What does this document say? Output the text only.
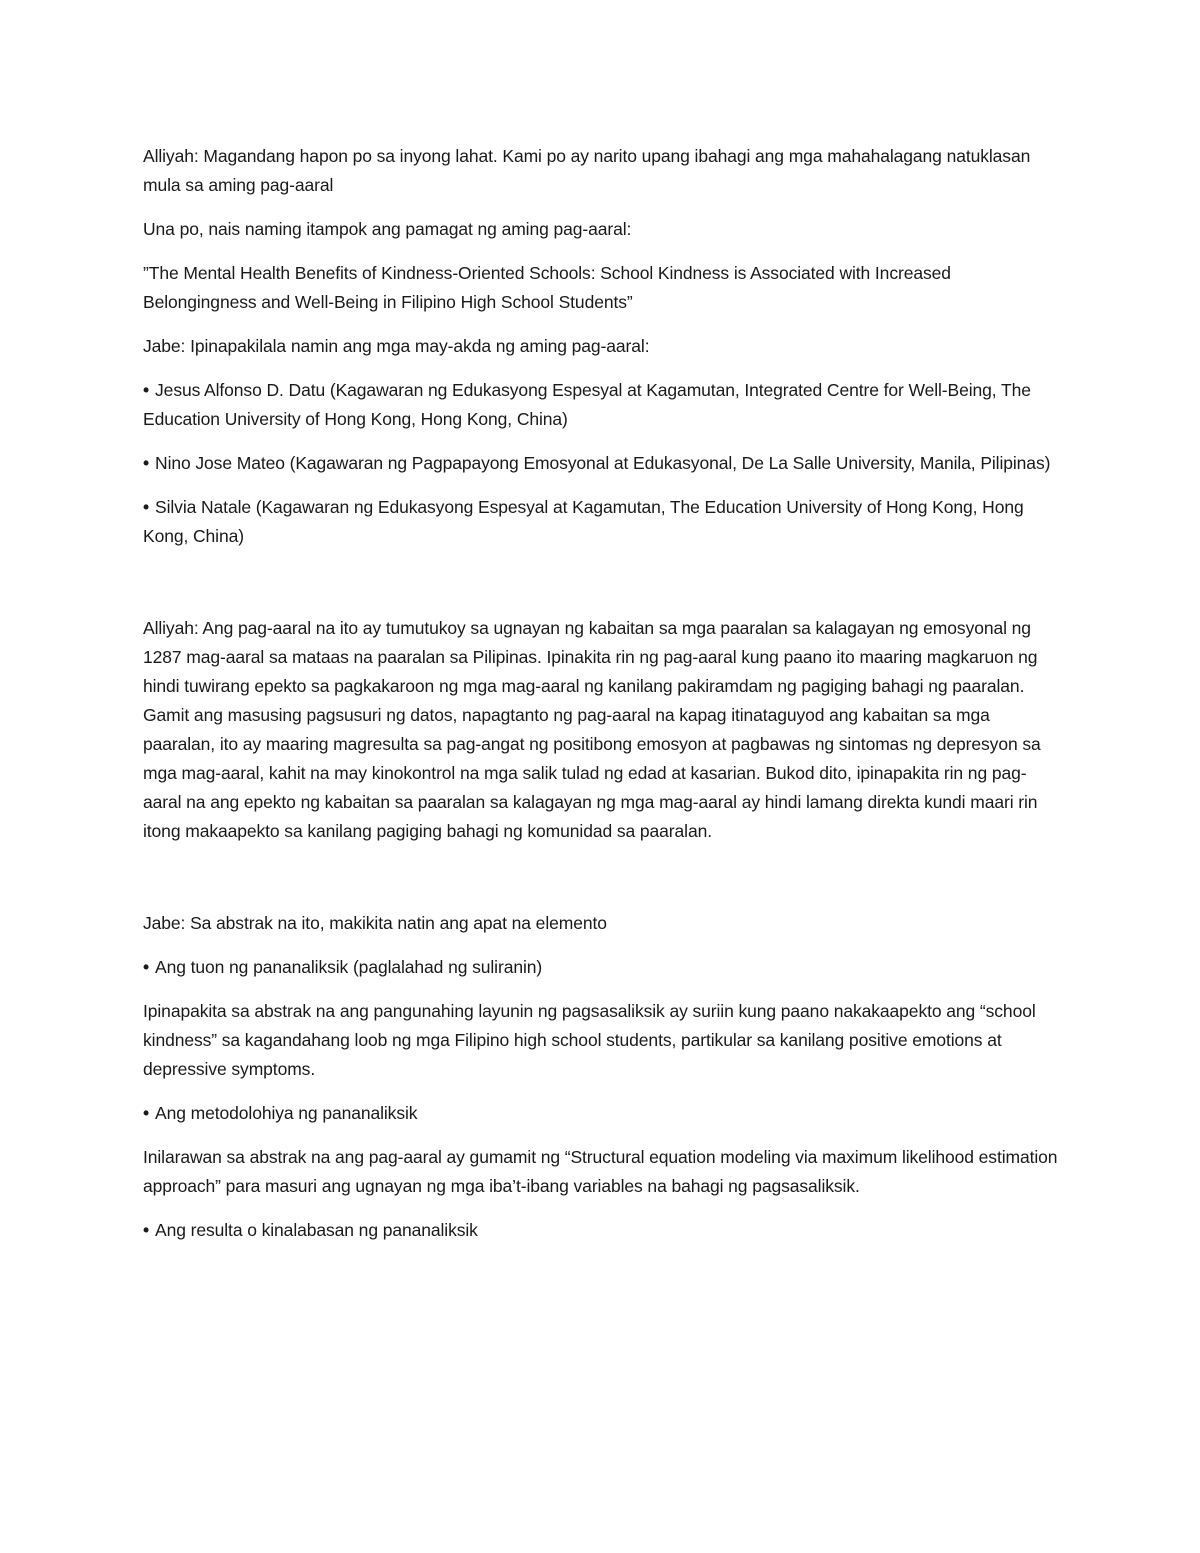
Alliyah: Magandang hapon po sa inyong lahat. Kami po ay narito upang ibahagi ang mga mahahalagang natuklasan mula sa aming pag-aaral

Una po, nais naming itampok ang pamagat ng aming pag-aaral:

”The Mental Health Benefits of Kindness-Oriented Schools: School Kindness is Associated with Increased Belongingness and Well-Being in Filipino High School Students”

Jabe: Ipinapakilala namin ang mga may-akda ng aming pag-aaral:

• Jesus Alfonso D. Datu (Kagawaran ng Edukasyong Espesyal at Kagamutan, Integrated Centre for Well-Being, The Education University of Hong Kong, Hong Kong, China)

• Nino Jose Mateo (Kagawaran ng Pagpapayong Emosyonal at Edukasyonal, De La Salle University, Manila, Pilipinas)

• Silvia Natale (Kagawaran ng Edukasyong Espesyal at Kagamutan, The Education University of Hong Kong, Hong Kong, China)

Alliyah: Ang pag-aaral na ito ay tumutukoy sa ugnayan ng kabaitan sa mga paaralan sa kalagayan ng emosyonal ng 1287 mag-aaral sa mataas na paaralan sa Pilipinas. Ipinakita rin ng pag-aaral kung paano ito maaring magkaruon ng hindi tuwirang epekto sa pagkakaroon ng mga mag-aaral ng kanilang pakiramdam ng pagiging bahagi ng paaralan. Gamit ang masusing pagsusuri ng datos, napagtanto ng pag-aaral na kapag itinataguyod ang kabaitan sa mga paaralan, ito ay maaring magresulta sa pag-angat ng positibong emosyon at pagbawas ng sintomas ng depresyon sa mga mag-aaral, kahit na may kinokontrol na mga salik tulad ng edad at kasarian. Bukod dito, ipinapakita rin ng pag-aaral na ang epekto ng kabaitan sa paaralan sa kalagayan ng mga mag-aaral ay hindi lamang direkta kundi maari rin itong makaapekto sa kanilang pagiging bahagi ng komunidad sa paaralan.

Jabe: Sa abstrak na ito, makikita natin ang apat na elemento

• Ang tuon ng pananaliksik (paglalahad ng suliranin)

Ipinapakita sa abstrak na ang pangunahing layunin ng pagsasaliksik ay suriin kung paano nakakaapekto ang “school kindness” sa kagandahang loob ng mga Filipino high school students, partikular sa kanilang positive emotions at depressive symptoms.

• Ang metodolohiya ng pananaliksik

Inilarawan sa abstrak na ang pag-aaral ay gumamit ng “Structural equation modeling via maximum likelihood estimation approach” para masuri ang ugnayan ng mga iba’t-ibang variables na bahagi ng pagsasaliksik.

• Ang resulta o kinalabasan ng pananaliksik
